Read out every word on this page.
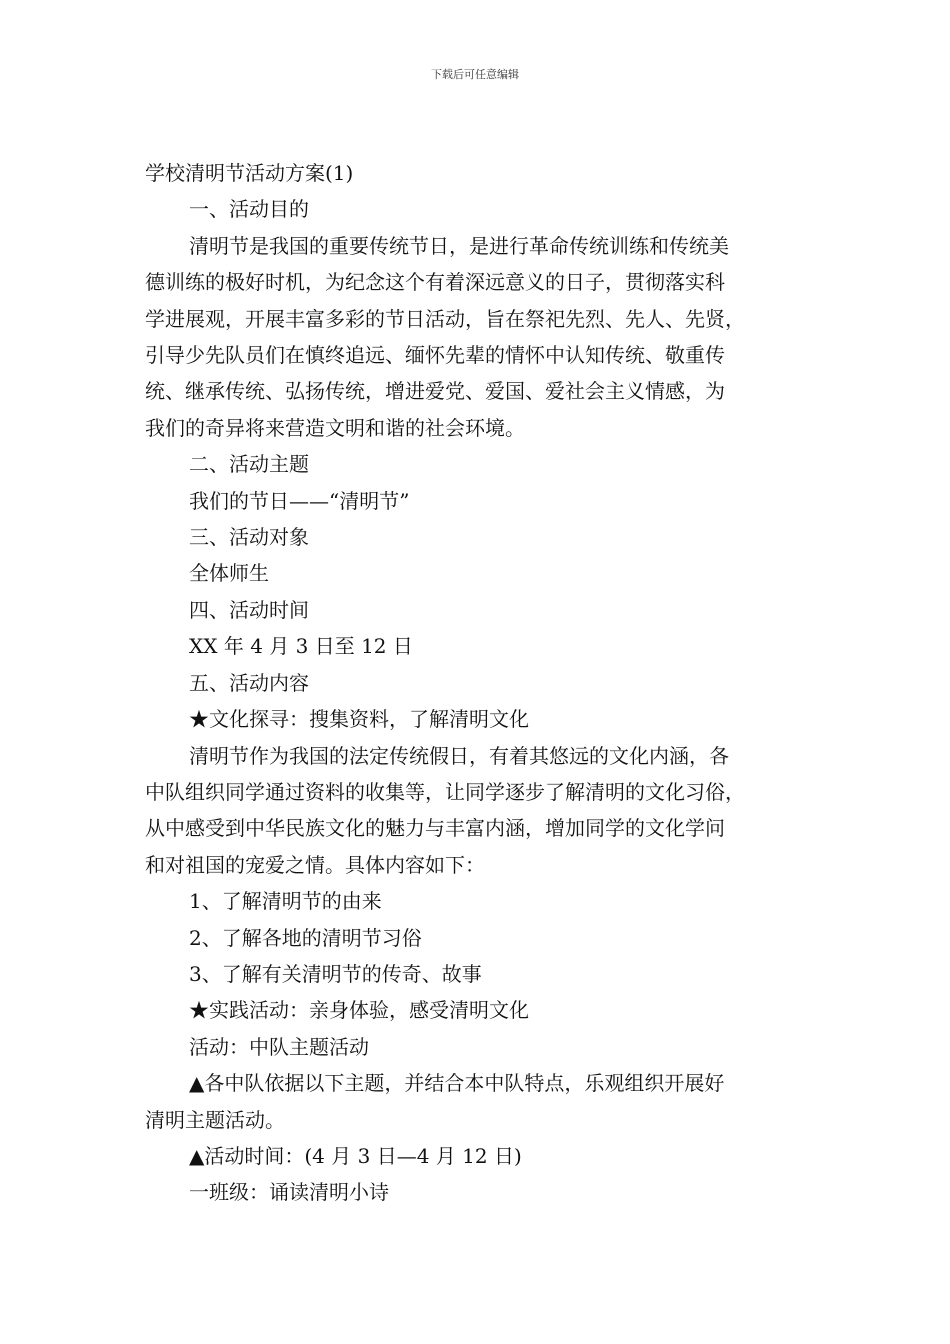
下载后可任意编辑

学校清明节活动方案(1)

一、活动目的

清明节是我国的重要传统节日，是进行革命传统训练和传统美

德训练的极好时机，为纪念这个有着深远意义的日子，贯彻落实科

学进展观，开展丰富多彩的节日活动，旨在祭祀先烈、先人、先贤，

引导少先队员们在慎终追远、缅怀先辈的情怀中认知传统、敬重传

统、继承传统、弘扬传统，增进爱党、爱国、爱社会主义情感，为

我们的奇异将来营造文明和谐的社会环境。

二、活动主题

我们的节日——“清明节”

三、活动对象

全体师生

四、活动时间

XX 年 4 月 3 日至 12 日

五、活动内容

★文化探寻：搜集资料，了解清明文化

清明节作为我国的法定传统假日，有着其悠远的文化内涵，各

中队组织同学通过资料的收集等，让同学逐步了解清明的文化习俗，

从中感受到中华民族文化的魅力与丰富内涵，增加同学的文化学问

和对祖国的宠爱之情。具体内容如下：

1、了解清明节的由来

2、了解各地的清明节习俗

3、了解有关清明节的传奇、故事

★实践活动：亲身体验，感受清明文化

活动：中队主题活动

▲各中队依据以下主题，并结合本中队特点，乐观组织开展好

清明主题活动。

▲活动时间：(4 月 3 日—4 月 12 日)

一班级：诵读清明小诗
